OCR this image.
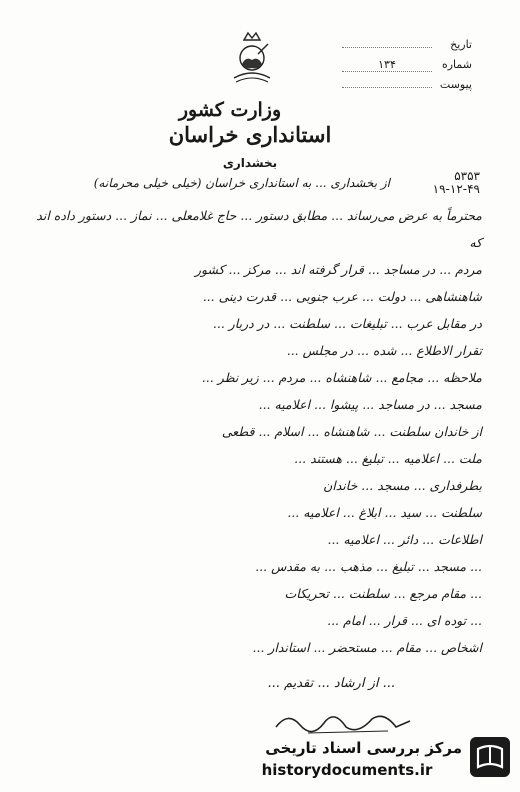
وزارت کشور
استانداری خراسان
بخشداری
تاریخ
شماره۱۳۴
پیوست
۵۳۵۳
۱۹-۱۲-۴۹
از بخشداری ... به استانداری خراسان (خیلی خیلی محرمانه)

محترماً به عرض می‌رساند ... مطابق دستور ... حاج غلامعلی ... نماز ... دستور داده اند که

مردم ... در مساجد ... قرار گرفته اند ... مرکز ... کشور

شاهنشاهی ... دولت ... عرب جنوبی ... قدرت دینی ...

در مقابل عرب ... تبلیغات ... سلطنت ... در دربار ...

تقرار الاطلاع ... شده ... در مجلس ...

ملاحظه ... مجامع ... شاهنشاه ... مردم ... زیر نظر ...

مسجد ... در مساجد ... پیشوا ... اعلامیه ...

از خاندان سلطنت ... شاهنشاه ... اسلام ... قطعی

ملت ... اعلامیه ... تبلیغ ... هستند ...

بطرفداری ... مسجد ... خاندان

سلطنت ... سید ... ابلاغ ... اعلامیه ...

اطلاعات ... دائر ... اعلامیه ...

... مسجد ... تبلیغ ... مذهب ... به مقدس ...

... مقام مرجع ... سلطنت ... تحریکات

... توده ای ... قرار ... امام ...

اشخاص ... مقام ... مستحضر ... استاندار ...

... از ارشاد ... تقدیم ...
مرکز بررسی اسناد تاریخی
historydocuments.ir
